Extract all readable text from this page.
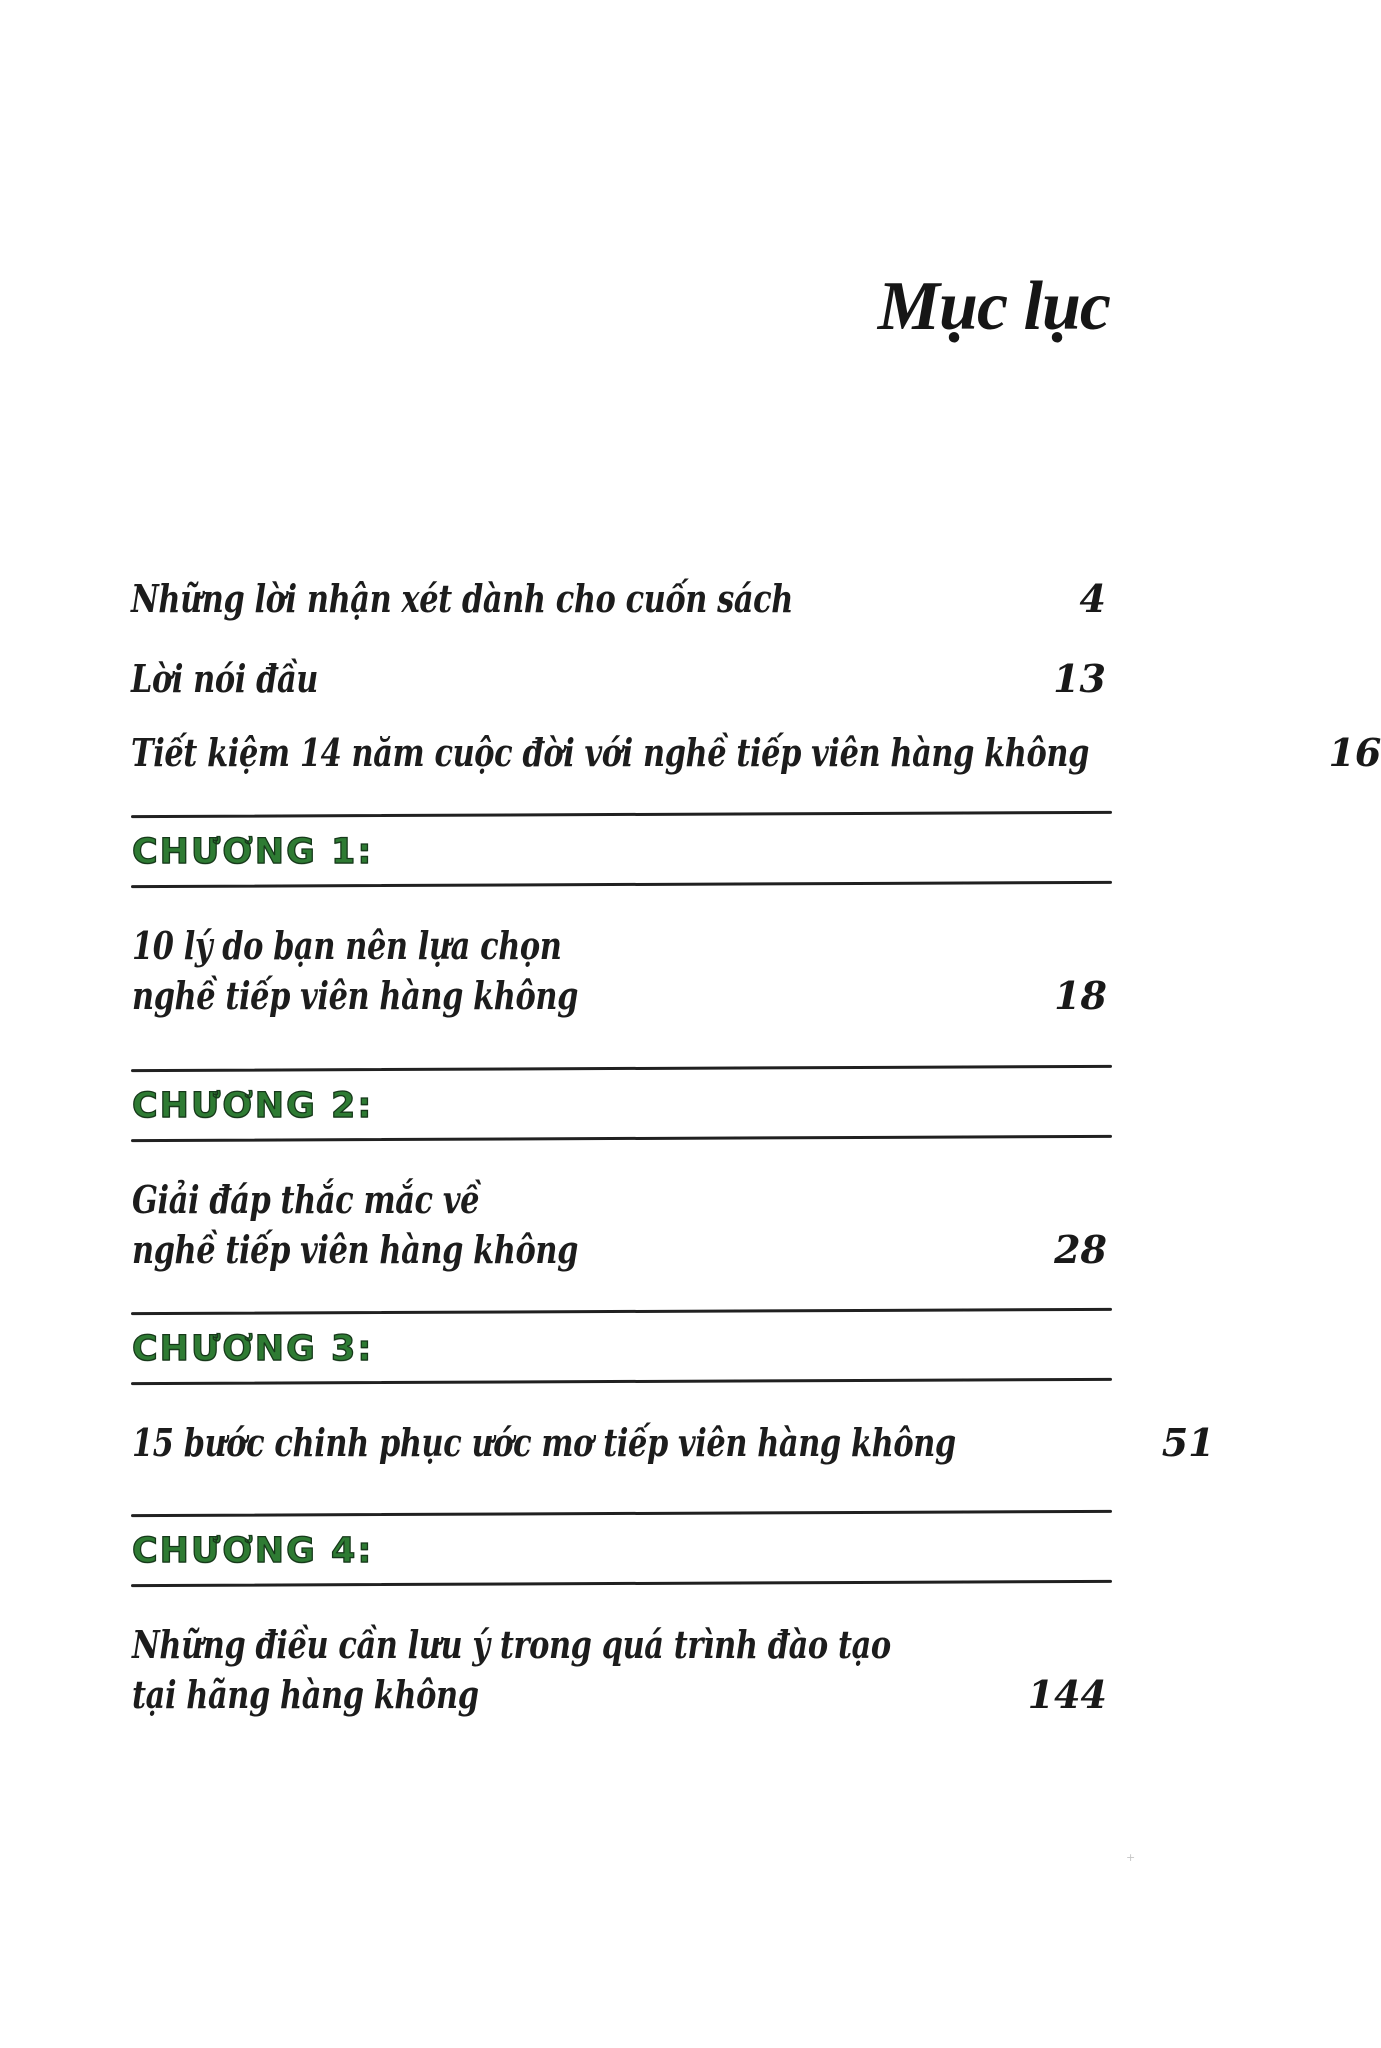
Mục lục
Những lời nhận xét dành cho cuốn sách	4
Lời nói đầu	13
Tiết kiệm 14 năm cuộc đời với nghề tiếp viên hàng không	16
CHƯƠNG 1:
10 lý do bạn nên lựa chọn
nghề tiếp viên hàng không	18
CHƯƠNG 2:
Giải đáp thắc mắc về
nghề tiếp viên hàng không	28
CHƯƠNG 3:
15 bước chinh phục ước mơ tiếp viên hàng không	51
CHƯƠNG 4:
Những điều cần lưu ý trong quá trình đào tạo
tại hãng hàng không	144
+
